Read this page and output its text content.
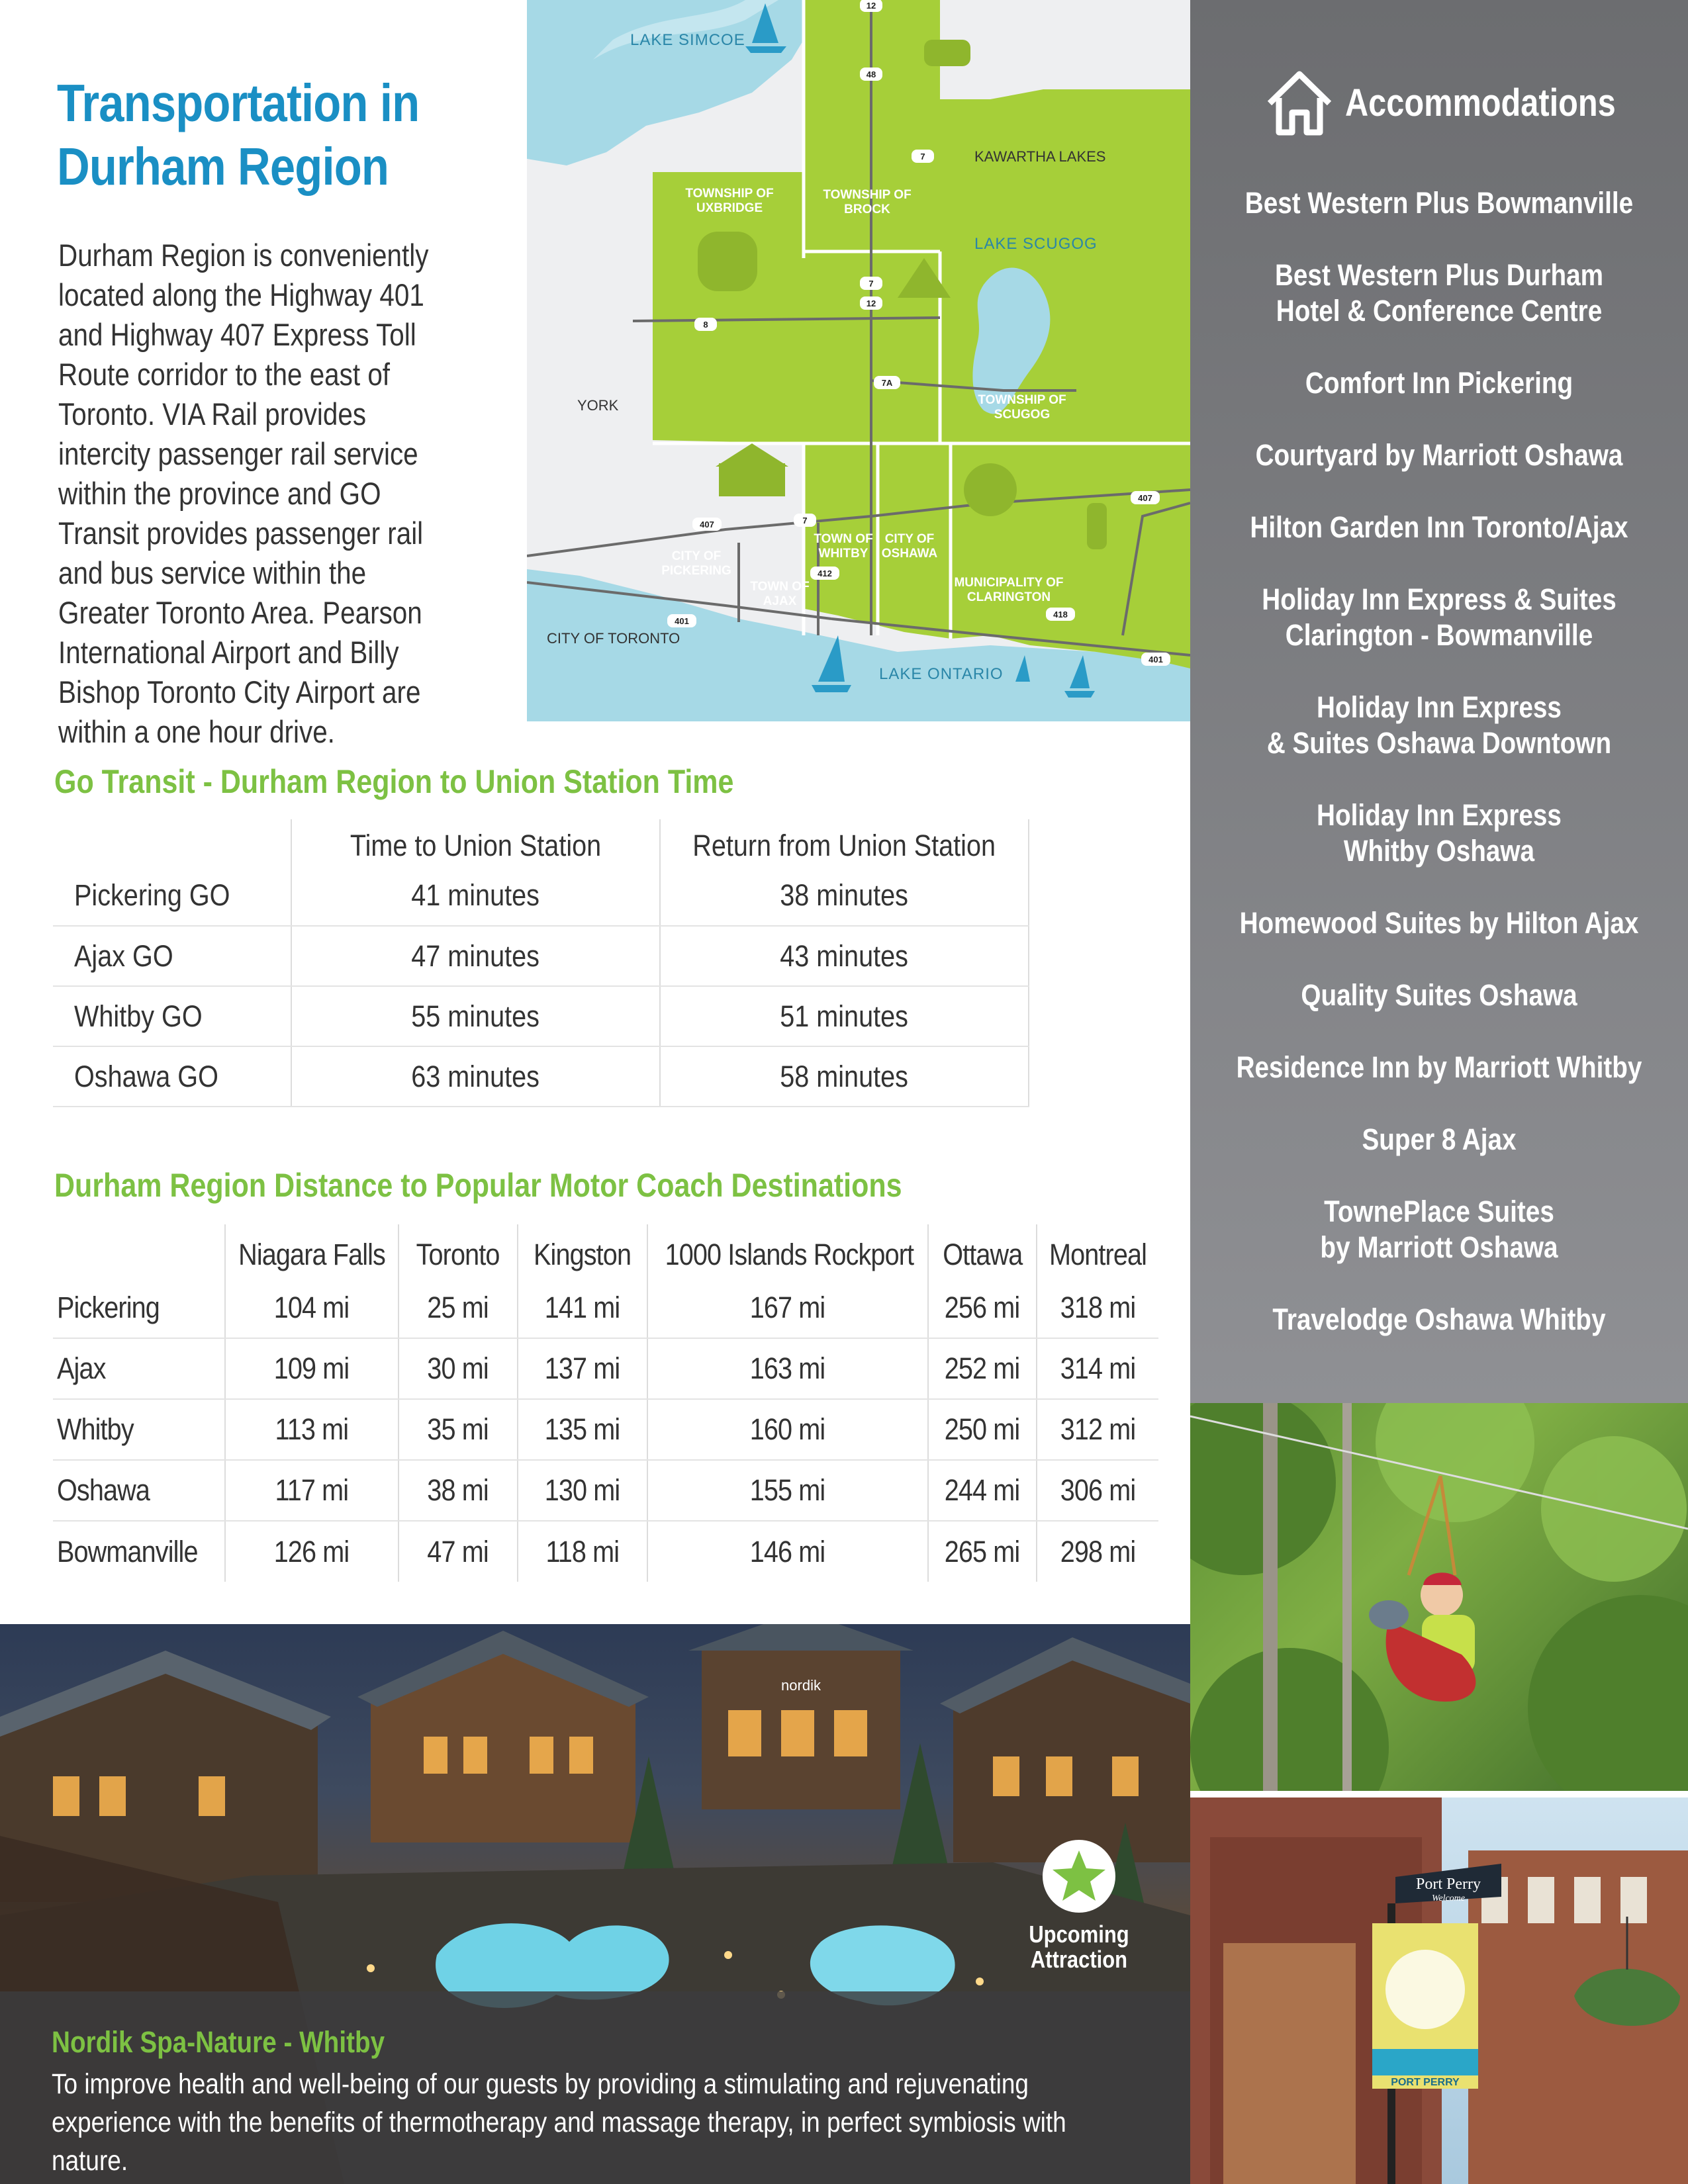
Transportation in
Durham Region

Durham Region is conveniently located along the Highway 401 and Highway 407 Express Toll Route corridor to the east of Toronto. VIA Rail provides intercity passenger rail service within the province and GO Transit provides passenger rail and bus service within the Greater Toronto Area. Pearson International Airport and Billy Bishop Toronto City Airport are within a one hour drive.

12
48
7
7
12
8
7A
407
407
7
412
401
418
401
LAKE SIMCOE
LAKE SCUGOG
LAKE ONTARIO
KAWARTHA LAKES
YORK
CITY OF TORONTO
TOWNSHIP OF
UXBRIDGE
TOWNSHIP OF
BROCK
TOWNSHIP OF
SCUGOG
CITY OF
PICKERING
TOWN OF
AJAX
TOWN OF
WHITBY
CITY OF
OSHAWA
MUNICIPALITY OF
CLARINGTON
Accommodations
Best Western Plus Bowmanville
Best Western Plus Durham
Hotel & Conference Centre
Comfort Inn Pickering
Courtyard by Marriott Oshawa
Hilton Garden Inn Toronto/Ajax
Holiday Inn Express & Suites
Clarington - Bowmanville
Holiday Inn Express
& Suites Oshawa Downtown
Holiday Inn Express
Whitby Oshawa
Homewood Suites by Hilton Ajax
Quality Suites Oshawa
Residence Inn by Marriott Whitby
Super 8 Ajax
TownePlace Suites
by Marriott Oshawa
Travelodge Oshawa Whitby
Go Transit - Durham Region to Union Station Time
	Time to Union Station	Return from Union Station
Pickering GO	41 minutes	38 minutes
Ajax GO	47 minutes	43 minutes
Whitby GO	55 minutes	51 minutes
Oshawa GO	63 minutes	58 minutes
Durham Region Distance to Popular Motor Coach Destinations
	Niagara Falls	Toronto	Kingston	1000 Islands Rockport	Ottawa	Montreal
Pickering	104 mi	25 mi	141 mi	167 mi	256 mi	318 mi
Ajax	109 mi	30 mi	137 mi	163 mi	252 mi	314 mi
Whitby	113 mi	35 mi	135 mi	160 mi	250 mi	312 mi
Oshawa	117 mi	38 mi	130 mi	155 mi	244 mi	306 mi
Bowmanville	126 mi	47 mi	118 mi	146 mi	265 mi	298 mi
nordik
Upcoming
Attraction
Nordik Spa-Nature - Whitby

To improve health and well-being of our guests by providing a stimulating and rejuvenating experience with the benefits of thermotherapy and massage therapy, in perfect symbiosis with nature.

Port Perry
Welcome
PORT PERRY
